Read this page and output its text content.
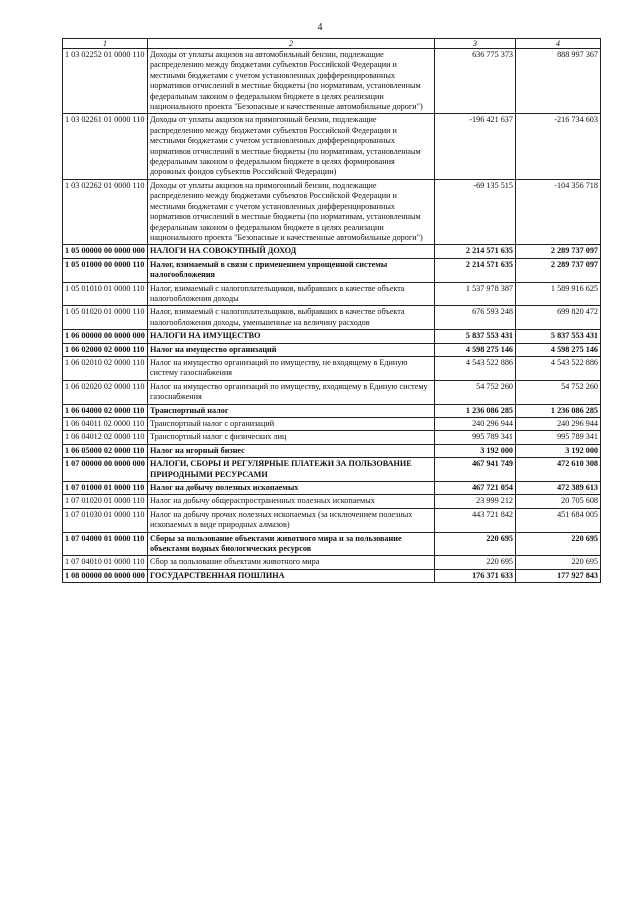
4
1	2	3	4
1 03 02252 01 0000 110	Доходы от уплаты акцизов на автомобильный бензин, подлежащие распределению между бюджетами субъектов Российской Федерации и местными бюджетами с учетом установленных дифференцированных нормативов отчислений в местные бюджеты (по нормативам, установленным федеральным законом о федеральном бюджете в целях реализации национального проекта "Безопасные и качественные автомобильные дороги")	636 775 373	888 997 367
1 03 02261 01 0000 110	Доходы от уплаты акцизов на прямогонный бензин, подлежащие распределению между бюджетами субъектов Российской Федерации и местными бюджетами с учетом установленных дифференцированных нормативов отчислений в местные бюджеты (по нормативам, установленным федеральным законом о федеральном бюджете в целях формирования дорожных фондов субъектов Российской Федерации)	-196 421 637	-216 734 603
1 03 02262 01 0000 110	Доходы от уплаты акцизов на прямогонный бензин, подлежащие распределению между бюджетами субъектов Российской Федерации и местными бюджетами с учетом установленных дифференцированных нормативов отчислений в местные бюджеты (по нормативам, установленным федеральным законом о федеральном бюджете в целях реализации национального проекта "Безопасные и качественные автомобильные дороги")	-69 135 515	-104 356 718
1 05 00000 00 0000 000	НАЛОГИ НА СОВОКУПНЫЙ ДОХОД	2 214 571 635	2 289 737 097
1 05 01000 00 0000 110	Налог, взимаемый в связи с применением упрощенной системы налогообложения	2 214 571 635	2 289 737 097
1 05 01010 01 0000 110	Налог, взимаемый с налогоплательщиков, выбравших в качестве объекта налогообложения доходы	1 537 978 387	1 589 916 625
1 05 01020 01 0000 110	Налог, взимаемый с налогоплательщиков, выбравших в качестве объекта налогообложения доходы, уменьшенные на величину расходов	676 593 248	699 820 472
1 06 00000 00 0000 000	НАЛОГИ НА ИМУЩЕСТВО	5 837 553 431	5 837 553 431
1 06 02000 02 0000 110	Налог на имущество организаций	4 598 275 146	4 598 275 146
1 06 02010 02 0000 110	Налог на имущество организаций по имуществу, не входящему в Единую систему газоснабжения	4 543 522 886	4 543 522 886
1 06 02020 02 0000 110	Налог на имущество организаций по имуществу, входящему в Единую систему газоснабжения	54 752 260	54 752 260
1 06 04000 02 0000 110	Транспортный налог	1 236 086 285	1 236 086 285
1 06 04011 02 0000 110	Транспортный налог с организаций	240 296 944	240 296 944
1 06 04012 02 0000 110	Транспортный налог с физических лиц	995 789 341	995 789 341
1 06 05000 02 0000 110	Налог на игорный бизнес	3 192 000	3 192 000
1 07 00000 00 0000 000	НАЛОГИ, СБОРЫ И РЕГУЛЯРНЫЕ ПЛАТЕЖИ ЗА ПОЛЬЗОВАНИЕ ПРИРОДНЫМИ РЕСУРСАМИ	467 941 749	472 610 308
1 07 01000 01 0000 110	Налог на добычу полезных ископаемых	467 721 054	472 389 613
1 07 01020 01 0000 110	Налог на добычу общераспространенных полезных ископаемых	23 999 212	20 705 608
1 07 01030 01 0000 110	Налог на добычу прочих полезных ископаемых (за исключением полезных ископаемых в виде природных алмазов)	443 721 842	451 684 005
1 07 04000 01 0000 110	Сборы за пользование объектами животного мира и за пользование объектами водных биологических ресурсов	220 695	220 695
1 07 04010 01 0000 110	Сбор за пользование объектами животного мира	220 695	220 695
1 08 00000 00 0000 000	ГОСУДАРСТВЕННАЯ ПОШЛИНА	176 371 633	177 927 843
